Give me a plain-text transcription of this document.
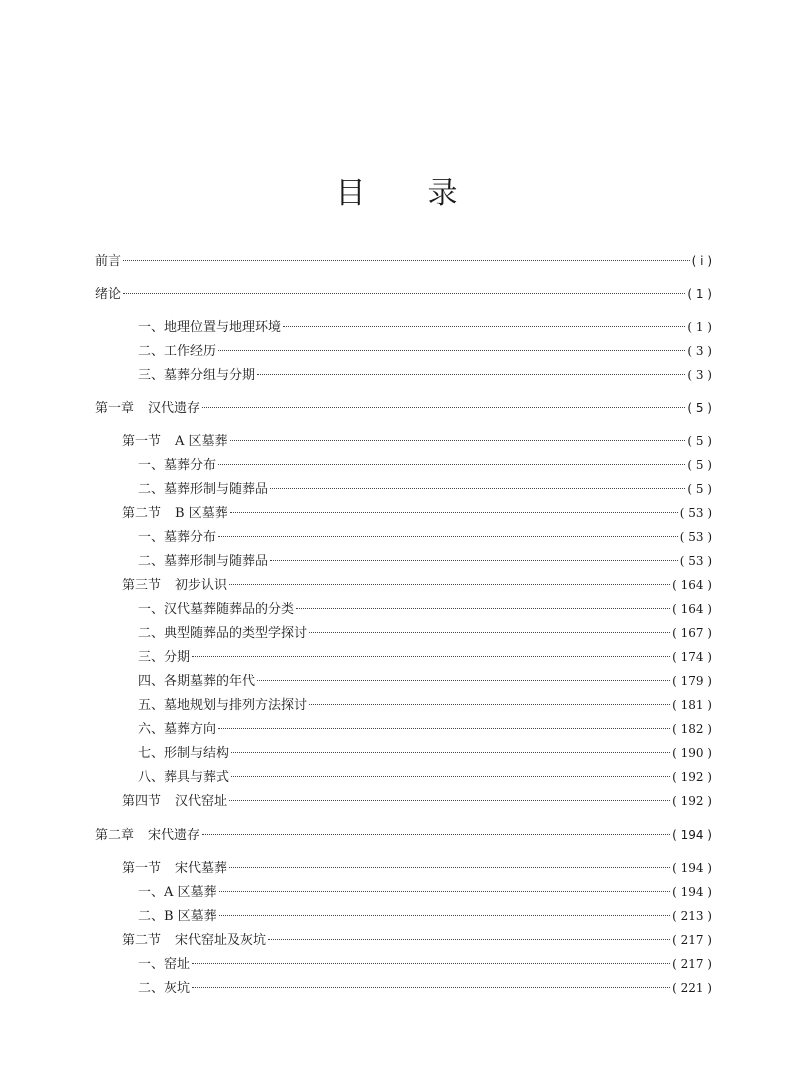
目 录
前言	( i )
绪论	( 1 )
一、地理位置与地理环境	( 1 )
二、工作经历	( 3 )
三、墓葬分组与分期	( 3 )
第一章 汉代遗存	( 5 )
第一节 A 区墓葬	( 5 )
一、墓葬分布	( 5 )
二、墓葬形制与随葬品	( 5 )
第二节 B 区墓葬	( 53 )
一、墓葬分布	( 53 )
二、墓葬形制与随葬品	( 53 )
第三节 初步认识	( 164 )
一、汉代墓葬随葬品的分类	( 164 )
二、典型随葬品的类型学探讨	( 167 )
三、分期	( 174 )
四、各期墓葬的年代	( 179 )
五、墓地规划与排列方法探讨	( 181 )
六、墓葬方向	( 182 )
七、形制与结构	( 190 )
八、葬具与葬式	( 192 )
第四节 汉代窑址	( 192 )
第二章 宋代遗存	( 194 )
第一节 宋代墓葬	( 194 )
一、A 区墓葬	( 194 )
二、B 区墓葬	( 213 )
第二节 宋代窑址及灰坑	( 217 )
一、窑址	( 217 )
二、灰坑	( 221 )
